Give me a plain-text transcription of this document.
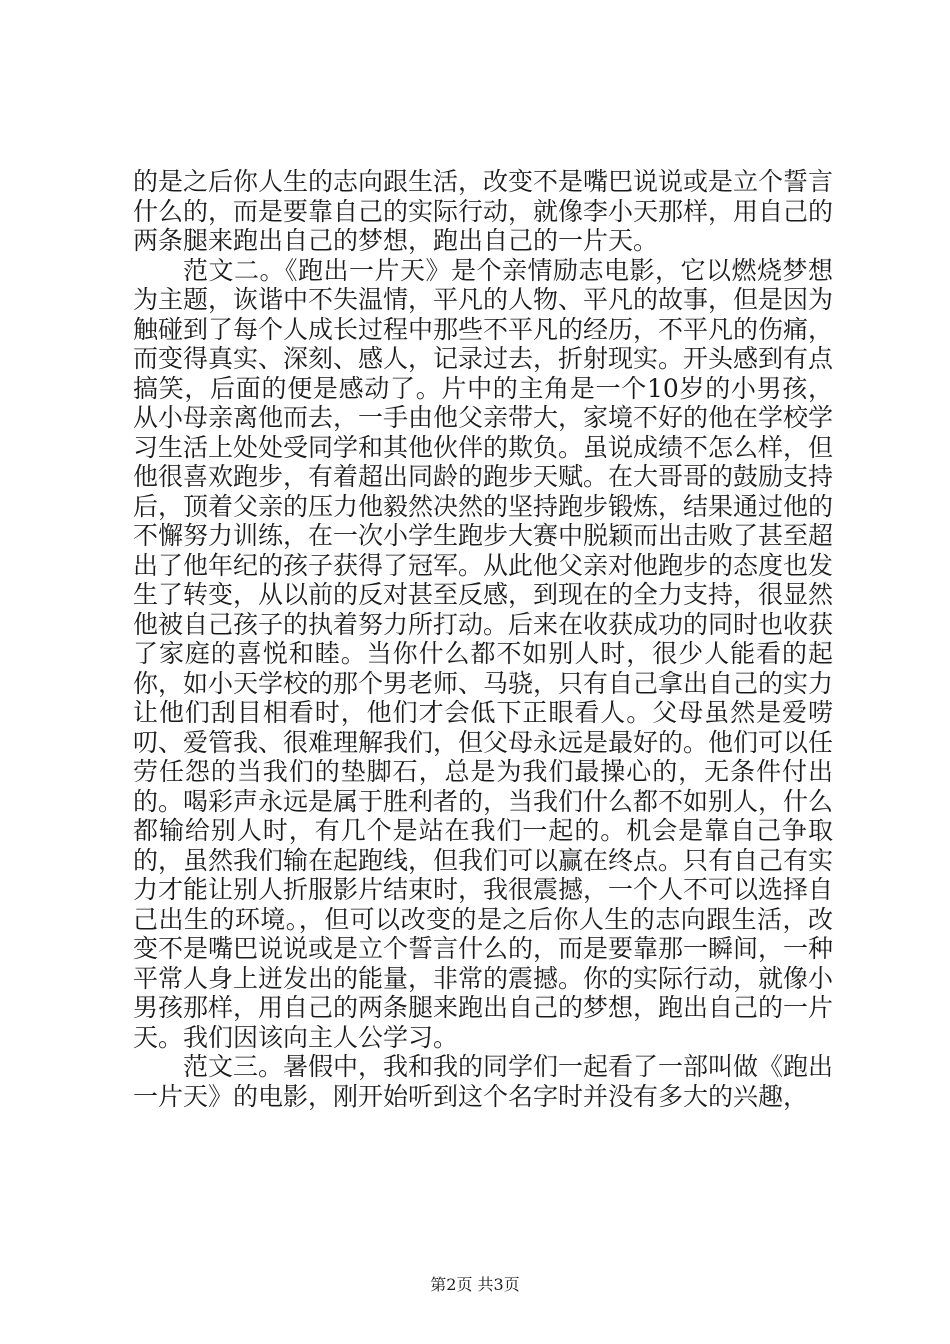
的是之后你人生的志向跟生活，改变不是嘴巴说说或是立个誓言什么的，而是要靠自己的实际行动，就像李小天那样，用自己的两条腿来跑出自己的梦想，跑出自己的一片天。

范文二。《跑出一片天》是个亲情励志电影，它以燃烧梦想为主题，诙谐中不失温情，平凡的人物、平凡的故事，但是因为触碰到了每个人成长过程中那些不平凡的经历，不平凡的伤痛，而变得真实、深刻、感人，记录过去，折射现实。开头感到有点搞笑，后面的便是感动了。片中的主角是一个10岁的小男孩，从小母亲离他而去，一手由他父亲带大，家境不好的他在学校学习生活上处处受同学和其他伙伴的欺负。虽说成绩不怎么样，但他很喜欢跑步，有着超出同龄的跑步天赋。在大哥哥的鼓励支持后，顶着父亲的压力他毅然决然的坚持跑步锻炼，结果通过他的不懈努力训练，在一次小学生跑步大赛中脱颖而出击败了甚至超出了他年纪的孩子获得了冠军。从此他父亲对他跑步的态度也发生了转变，从以前的反对甚至反感，到现在的全力支持，很显然他被自己孩子的执着努力所打动。后来在收获成功的同时也收获了家庭的喜悦和睦。当你什么都不如别人时，很少人能看的起你，如小天学校的那个男老师、马骁，只有自己拿出自己的实力让他们刮目相看时，他们才会低下正眼看人。父母虽然是爱唠叨、爱管我、很难理解我们，但父母永远是最好的。他们可以任劳任怨的当我们的垫脚石，总是为我们最操心的，无条件付出的。喝彩声永远是属于胜利者的，当我们什么都不如别人，什么都输给别人时，有几个是站在我们一起的。机会是靠自己争取的，虽然我们输在起跑线，但我们可以赢在终点。只有自己有实力才能让别人折服影片结束时，我很震撼，一个人不可以选择自己出生的环境。，但可以改变的是之后你人生的志向跟生活，改变不是嘴巴说说或是立个誓言什么的，而是要靠那一瞬间，一种平常人身上迸发出的能量，非常的震撼。你的实际行动，就像小男孩那样，用自己的两条腿来跑出自己的梦想，跑出自己的一片天。我们因该向主人公学习。

范文三。暑假中，我和我的同学们一起看了一部叫做《跑出一片天》的电影，刚开始听到这个名字时并没有多大的兴趣，

第2页 共3页
